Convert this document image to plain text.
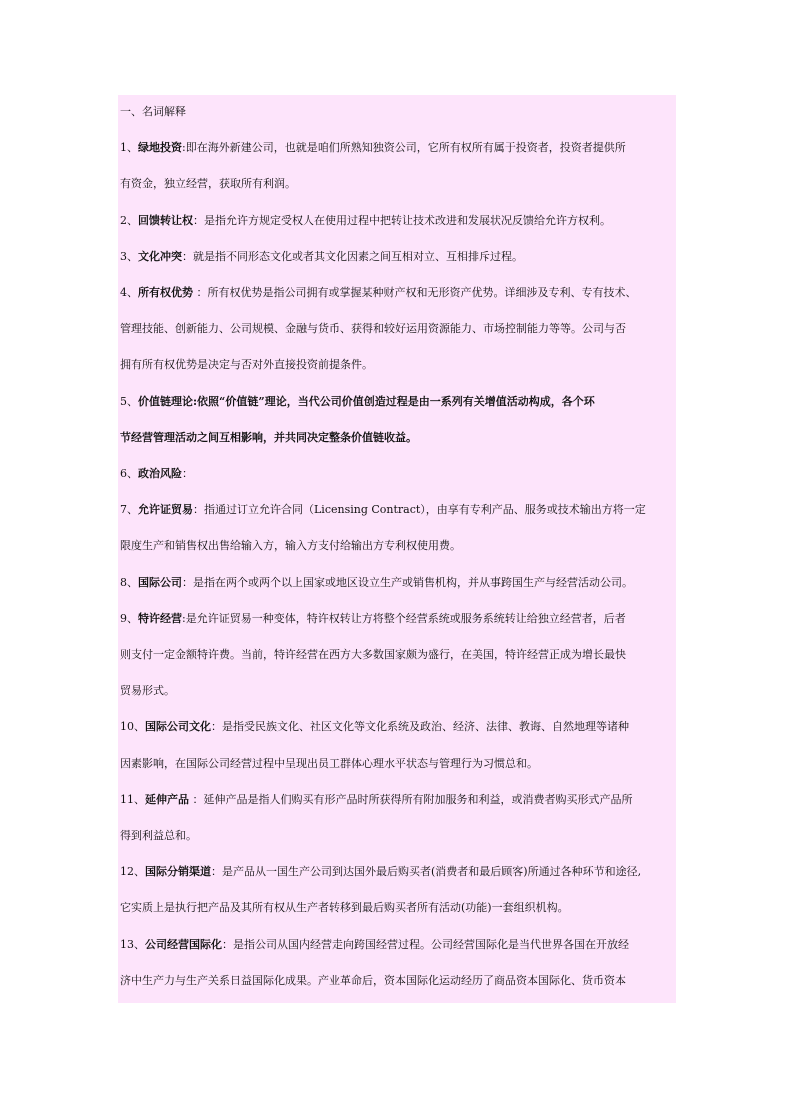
一、名词解释
1、绿地投资:即在海外新建公司，也就是咱们所熟知独资公司，它所有权所有属于投资者，投资者提供所
有资金，独立经营，获取所有利润。
2、回馈转让权：是指允许方规定受权人在使用过程中把转让技术改进和发展状况反馈给允许方权利。
3、文化冲突：就是指不同形态文化或者其文化因素之间互相对立、互相排斥过程。
4、所有权优势 ：所有权优势是指公司拥有或掌握某种财产权和无形资产优势。详细涉及专利、专有技术、
管理技能、创新能力、公司规模、金融与货币、获得和较好运用资源能力、市场控制能力等等。公司与否
拥有所有权优势是决定与否对外直接投资前提条件。
5、价值链理论:依照“价值链”理论，当代公司价值创造过程是由一系列有关增值活动构成，各个环
节经营管理活动之间互相影响，并共同决定整条价值链收益。
6、政治风险：
7、允许证贸易：指通过订立允许合同（Licensing Contract），由享有专利产品、服务或技术输出方将一定
限度生产和销售权出售给输入方，输入方支付给输出方专利权使用费。
8、国际公司：是指在两个或两个以上国家或地区设立生产或销售机构，并从事跨国生产与经营活动公司。
9、特许经营:是允许证贸易一种变体，特许权转让方将整个经营系统或服务系统转让给独立经营者，后者
则支付一定金额特许费。当前，特许经营在西方大多数国家颇为盛行，在美国，特许经营正成为增长最快
贸易形式。
10、国际公司文化：是指受民族文化、社区文化等文化系统及政治、经济、法律、教诲、自然地理等诸种
因素影响，在国际公司经营过程中呈现出员工群体心理水平状态与管理行为习惯总和。
11、延伸产品 ：延伸产品是指人们购买有形产品时所获得所有附加服务和利益，或消费者购买形式产品所
得到利益总和。
12、国际分销渠道：是产品从一国生产公司到达国外最后购买者(消费者和最后顾客)所通过各种环节和途径,
它实质上是执行把产品及其所有权从生产者转移到最后购买者所有活动(功能)一套组织机构。
13、公司经营国际化：是指公司从国内经营走向跨国经营过程。公司经营国际化是当代世界各国在开放经
济中生产力与生产关系日益国际化成果。产业革命后，资本国际化运动经历了商品资本国际化、货币资本
